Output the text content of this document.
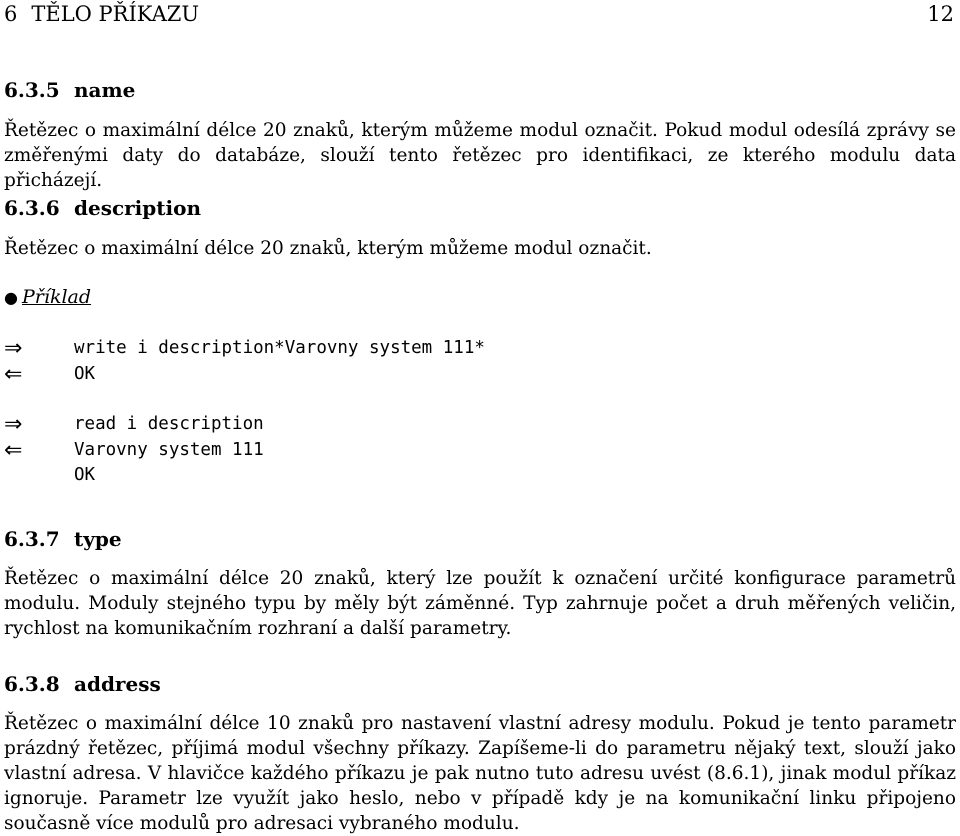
6 TĚLO PŘÍKAZU	12
6.3.5 name
Řetězec o maximální délce 20 znaků, kterým můžeme modul označit. Pokud modul odesílá zprávy se změřenými daty do databáze, slouží tento řetězec pro identifikaci, ze kterého modulu data přicházejí.
6.3.6 description
Řetězec o maximální délce 20 znaků, kterým můžeme modul označit.
● Příklad
⇒	write i description*Varovny system 111*
⇐	OK
⇒	read i description
⇐	Varovny system 111
OK
6.3.7 type
Řetězec o maximální délce 20 znaků, který lze použít k označení určité konfigurace parametrů modulu. Moduly stejného typu by měly být záměnné. Typ zahrnuje počet a druh měřených veličin, rychlost na komunikačním rozhraní a další parametry.
6.3.8 address
Řetězec o maximální délce 10 znaků pro nastavení vlastní adresy modulu. Pokud je tento parametr prázdný řetězec, příjimá modul všechny příkazy. Zapíšeme-li do parametru nějaký text, slouží jako vlastní adresa. V hlavičce každého příkazu je pak nutno tuto adresu uvést (8.6.1), jinak modul příkaz ignoruje. Parametr lze využít jako heslo, nebo v případě kdy je na komunikační linku připojeno současně více modulů pro adresaci vybraného modulu.
